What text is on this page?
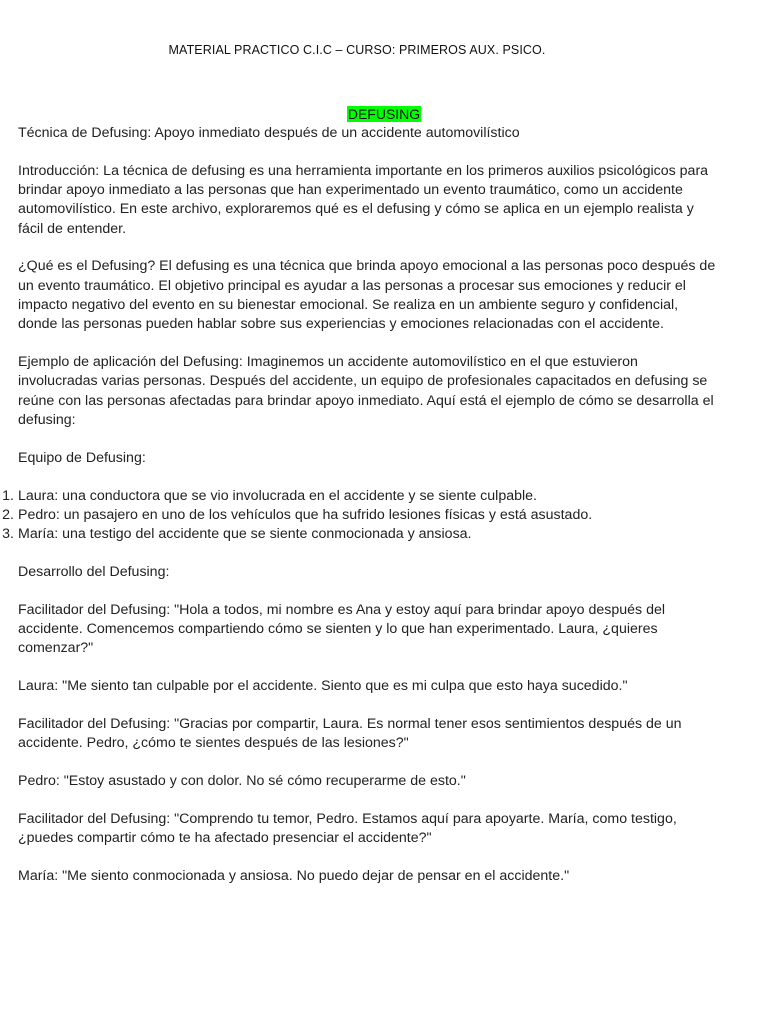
MATERIAL PRACTICO C.I.C – CURSO: PRIMEROS AUX. PSICO.
DEFUSING

Técnica de Defusing: Apoyo inmediato después de un accidente automovilístico

Introducción: La técnica de defusing es una herramienta importante en los primeros auxilios psicológicos para brindar apoyo inmediato a las personas que han experimentado un evento traumático, como un accidente automovilístico. En este archivo, exploraremos qué es el defusing y cómo se aplica en un ejemplo realista y fácil de entender.

¿Qué es el Defusing? El defusing es una técnica que brinda apoyo emocional a las personas poco después de un evento traumático. El objetivo principal es ayudar a las personas a procesar sus emociones y reducir el impacto negativo del evento en su bienestar emocional. Se realiza en un ambiente seguro y confidencial, donde las personas pueden hablar sobre sus experiencias y emociones relacionadas con el accidente.

Ejemplo de aplicación del Defusing: Imaginemos un accidente automovilístico en el que estuvieron involucradas varias personas. Después del accidente, un equipo de profesionales capacitados en defusing se reúne con las personas afectadas para brindar apoyo inmediato. Aquí está el ejemplo de cómo se desarrolla el defusing:

Equipo de Defusing:

1. Laura: una conductora que se vio involucrada en el accidente y se siente culpable.
2. Pedro: un pasajero en uno de los vehículos que ha sufrido lesiones físicas y está asustado.
3. María: una testigo del accidente que se siente conmocionada y ansiosa.

Desarrollo del Defusing:

Facilitador del Defusing: "Hola a todos, mi nombre es Ana y estoy aquí para brindar apoyo después del accidente. Comencemos compartiendo cómo se sienten y lo que han experimentado. Laura, ¿quieres comenzar?"

Laura: "Me siento tan culpable por el accidente. Siento que es mi culpa que esto haya sucedido."

Facilitador del Defusing: "Gracias por compartir, Laura. Es normal tener esos sentimientos después de un accidente. Pedro, ¿cómo te sientes después de las lesiones?"

Pedro: "Estoy asustado y con dolor. No sé cómo recuperarme de esto."

Facilitador del Defusing: "Comprendo tu temor, Pedro. Estamos aquí para apoyarte. María, como testigo, ¿puedes compartir cómo te ha afectado presenciar el accidente?"

María: "Me siento conmocionada y ansiosa. No puedo dejar de pensar en el accidente."
